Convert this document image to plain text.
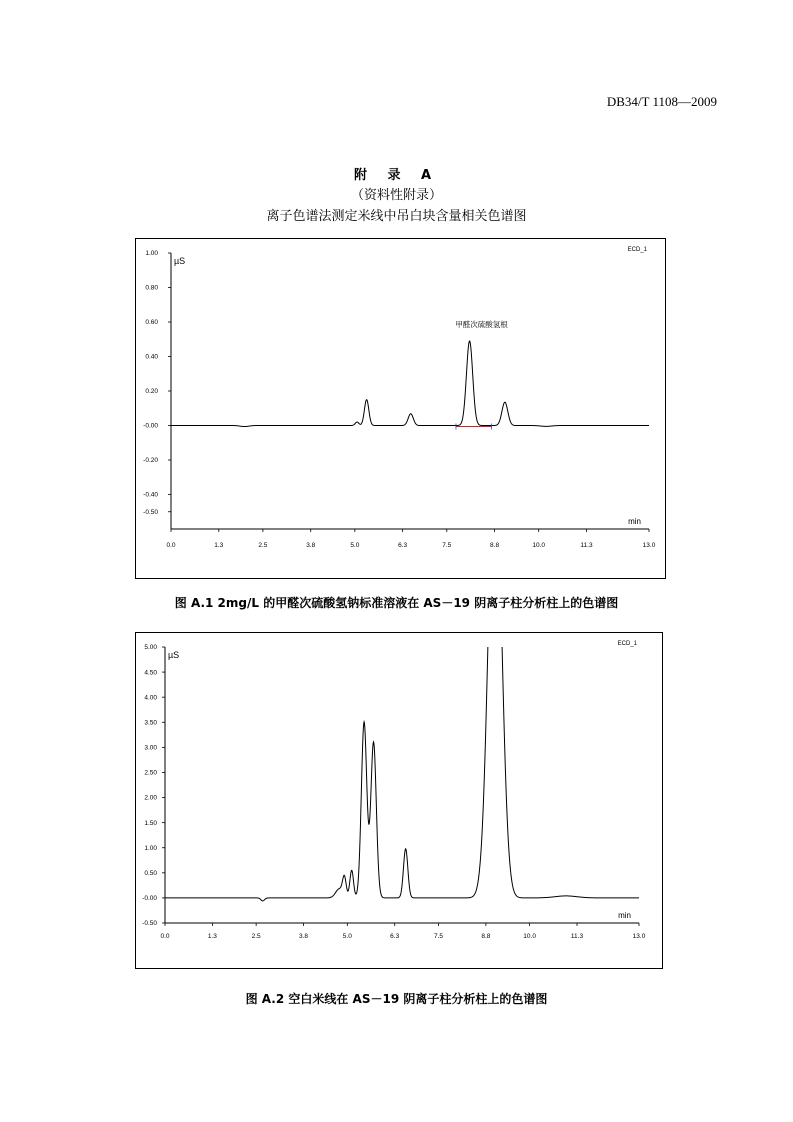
DB34/T 1108—2009
附 录 A
（资料性附录）
离子色谱法测定米线中吊白块含量相关色谱图
1.00
0.80
0.60
0.40
0.20
-0.00
-0.20
-0.40
-0.50
0.0	1.3	2.5	3.8	5.0	6.3	7.5	8.8	10.0	11.3	13.0
µS
ECD_1
min
甲醛次硫酸氢根
图 A.1 2mg/L 的甲醛次硫酸氢钠标准溶液在 AS－19 阴离子柱分析柱上的色谱图
5.00
4.50
4.00
3.50
3.00
2.50
2.00
1.50
1.00
0.50
-0.00
-0.50
0.0	1.3	2.5	3.8	5.0	6.3	7.5	8.8	10.0	11.3	13.0
µS
ECD_1
min
图 A.2 空白米线在 AS－19 阴离子柱分析柱上的色谱图
